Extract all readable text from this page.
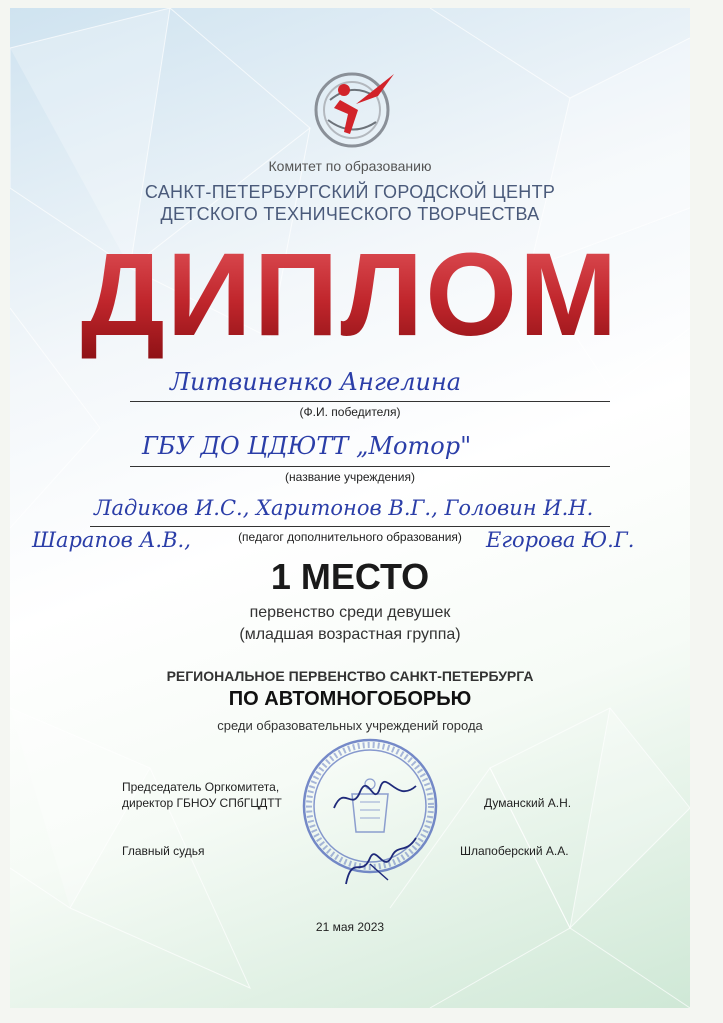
Комитет по образованию
САНКТ-ПЕТЕРБУРГСКИЙ ГОРОДСКОЙ ЦЕНТР
ДЕТСКОГО ТЕХНИЧЕСКОГО ТВОРЧЕСТВА
ДИПЛОМ
Литвиненко Ангелина
(Ф.И. победителя)
ГБУ ДО ЦДЮТТ „Мотор"
(название учреждения)
Ладиков И.С., Харитонов В.Г., Головин И.Н.
Шарапов А.В.,	Егорова Ю.Г.
(педагог дополнительного образования)
1 МЕСТО
первенство среди девушек
(младшая возрастная группа)
РЕГИОНАЛЬНОЕ ПЕРВЕНСТВО САНКТ-ПЕТЕРБУРГА
ПО АВТОМНОГОБОРЬЮ
среди образовательных учреждений города
Председатель Оргкомитета,
директор ГБНОУ СПбГЦДТТ	Думанский А.Н.
Главный судья	Шлапоберский А.А.
21 мая 2023
